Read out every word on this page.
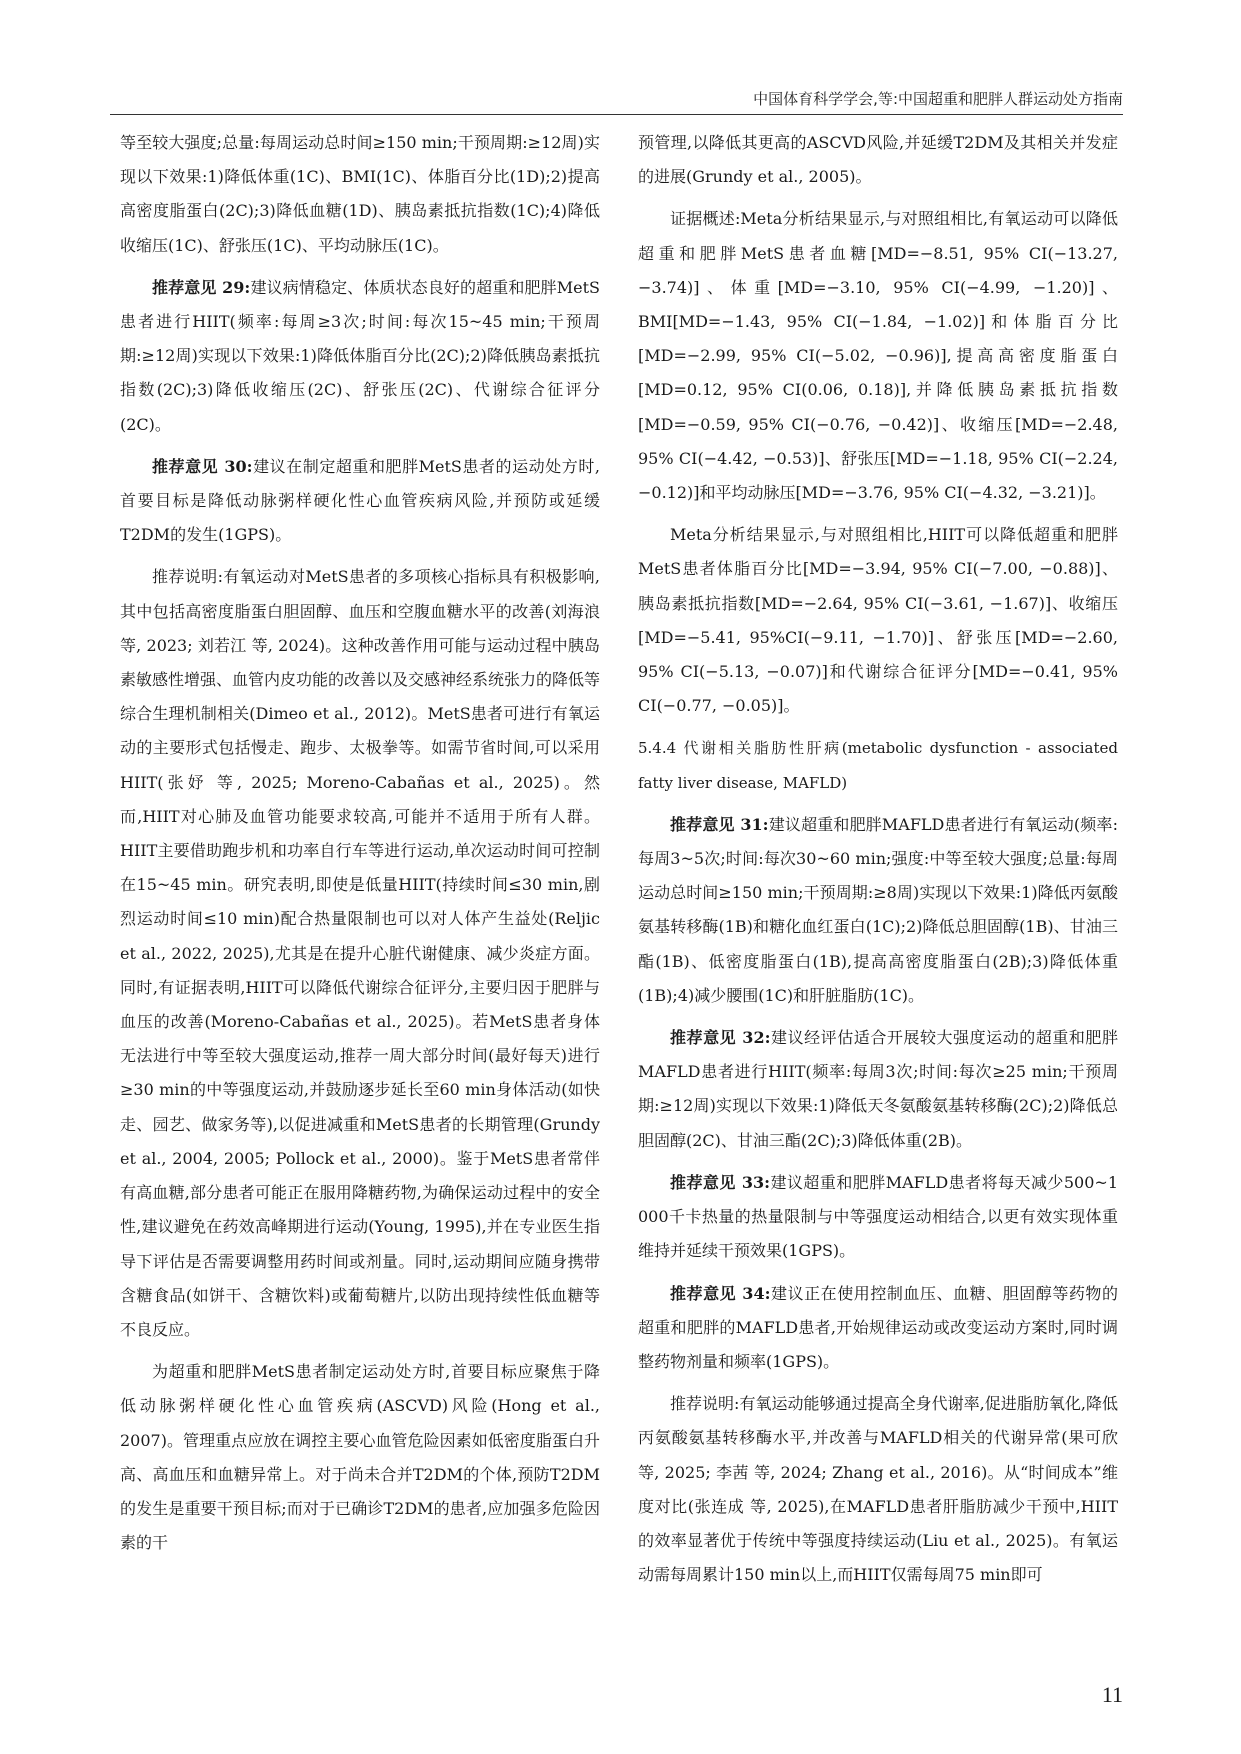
中国体育科学学会,等:中国超重和肥胖人群运动处方指南

等至较大强度;总量:每周运动总时间≥150 min;干预周期:≥12周)实现以下效果:1)降低体重(1C)、BMI(1C)、体脂百分比(1D);2)提高高密度脂蛋白(2C);3)降低血糖(1D)、胰岛素抵抗指数(1C);4)降低收缩压(1C)、舒张压(1C)、平均动脉压(1C)。

推荐意见 29:建议病情稳定、体质状态良好的超重和肥胖MetS患者进行HIIT(频率:每周≥3次;时间:每次15~45 min;干预周期:≥12周)实现以下效果:1)降低体脂百分比(2C);2)降低胰岛素抵抗指数(2C);3)降低收缩压(2C)、舒张压(2C)、代谢综合征评分(2C)。

推荐意见 30:建议在制定超重和肥胖MetS患者的运动处方时,首要目标是降低动脉粥样硬化性心血管疾病风险,并预防或延缓T2DM的发生(1GPS)。

推荐说明:有氧运动对MetS患者的多项核心指标具有积极影响,其中包括高密度脂蛋白胆固醇、血压和空腹血糖水平的改善(刘海浪 等, 2023; 刘若江 等, 2024)。这种改善作用可能与运动过程中胰岛素敏感性增强、血管内皮功能的改善以及交感神经系统张力的降低等综合生理机制相关(Dimeo et al., 2012)。MetS患者可进行有氧运动的主要形式包括慢走、跑步、太极拳等。如需节省时间,可以采用HIIT(张妤 等, 2025; Moreno-Cabañas et al., 2025)。然而,HIIT对心肺及血管功能要求较高,可能并不适用于所有人群。HIIT主要借助跑步机和功率自行车等进行运动,单次运动时间可控制在15~45 min。研究表明,即使是低量HIIT(持续时间≤30 min,剧烈运动时间≤10 min)配合热量限制也可以对人体产生益处(Reljic et al., 2022, 2025),尤其是在提升心脏代谢健康、减少炎症方面。同时,有证据表明,HIIT可以降低代谢综合征评分,主要归因于肥胖与血压的改善(Moreno-Cabañas et al., 2025)。若MetS患者身体无法进行中等至较大强度运动,推荐一周大部分时间(最好每天)进行≥30 min的中等强度运动,并鼓励逐步延长至60 min身体活动(如快走、园艺、做家务等),以促进减重和MetS患者的长期管理(Grundy et al., 2004, 2005; Pollock et al., 2000)。鉴于MetS患者常伴有高血糖,部分患者可能正在服用降糖药物,为确保运动过程中的安全性,建议避免在药效高峰期进行运动(Young, 1995),并在专业医生指导下评估是否需要调整用药时间或剂量。同时,运动期间应随身携带含糖食品(如饼干、含糖饮料)或葡萄糖片,以防出现持续性低血糖等不良反应。

为超重和肥胖MetS患者制定运动处方时,首要目标应聚焦于降低动脉粥样硬化性心血管疾病(ASCVD)风险(Hong et al., 2007)。管理重点应放在调控主要心血管危险因素如低密度脂蛋白升高、高血压和血糖异常上。对于尚未合并T2DM的个体,预防T2DM的发生是重要干预目标;而对于已确诊T2DM的患者,应加强多危险因素的干

预管理,以降低其更高的ASCVD风险,并延缓T2DM及其相关并发症的进展(Grundy et al., 2005)。

证据概述:Meta分析结果显示,与对照组相比,有氧运动可以降低超重和肥胖MetS患者血糖[MD=−8.51, 95% CI(−13.27, −3.74)]、体重[MD=−3.10, 95% CI(−4.99, −1.20)]、BMI[MD=−1.43, 95% CI(−1.84, −1.02)]和体脂百分比[MD=−2.99, 95% CI(−5.02, −0.96)],提高高密度脂蛋白[MD=0.12, 95% CI(0.06, 0.18)],并降低胰岛素抵抗指数[MD=−0.59, 95% CI(−0.76, −0.42)]、收缩压[MD=−2.48, 95% CI(−4.42, −0.53)]、舒张压[MD=−1.18, 95% CI(−2.24, −0.12)]和平均动脉压[MD=−3.76, 95% CI(−4.32, −3.21)]。

Meta分析结果显示,与对照组相比,HIIT可以降低超重和肥胖MetS患者体脂百分比[MD=−3.94, 95% CI(−7.00, −0.88)]、胰岛素抵抗指数[MD=−2.64, 95% CI(−3.61, −1.67)]、收缩压[MD=−5.41, 95%CI(−9.11, −1.70)]、舒张压[MD=−2.60, 95% CI(−5.13, −0.07)]和代谢综合征评分[MD=−0.41, 95% CI(−0.77, −0.05)]。

5.4.4 代谢相关脂肪性肝病(metabolic dysfunction - associated fatty liver disease, MAFLD)

推荐意见 31:建议超重和肥胖MAFLD患者进行有氧运动(频率:每周3~5次;时间:每次30~60 min;强度:中等至较大强度;总量:每周运动总时间≥150 min;干预周期:≥8周)实现以下效果:1)降低丙氨酸氨基转移酶(1B)和糖化血红蛋白(1C);2)降低总胆固醇(1B)、甘油三酯(1B)、低密度脂蛋白(1B),提高高密度脂蛋白(2B);3)降低体重(1B);4)减少腰围(1C)和肝脏脂肪(1C)。

推荐意见 32:建议经评估适合开展较大强度运动的超重和肥胖MAFLD患者进行HIIT(频率:每周3次;时间:每次≥25 min;干预周期:≥12周)实现以下效果:1)降低天冬氨酸氨基转移酶(2C);2)降低总胆固醇(2C)、甘油三酯(2C);3)降低体重(2B)。

推荐意见 33:建议超重和肥胖MAFLD患者将每天减少500~1 000千卡热量的热量限制与中等强度运动相结合,以更有效实现体重维持并延续干预效果(1GPS)。

推荐意见 34:建议正在使用控制血压、血糖、胆固醇等药物的超重和肥胖的MAFLD患者,开始规律运动或改变运动方案时,同时调整药物剂量和频率(1GPS)。

推荐说明:有氧运动能够通过提高全身代谢率,促进脂肪氧化,降低丙氨酸氨基转移酶水平,并改善与MAFLD相关的代谢异常(果可欣 等, 2025; 李茜 等, 2024; Zhang et al., 2016)。从“时间成本”维度对比(张连成 等, 2025),在MAFLD患者肝脂肪减少干预中,HIIT的效率显著优于传统中等强度持续运动(Liu et al., 2025)。有氧运动需每周累计150 min以上,而HIIT仅需每周75 min即可

11
